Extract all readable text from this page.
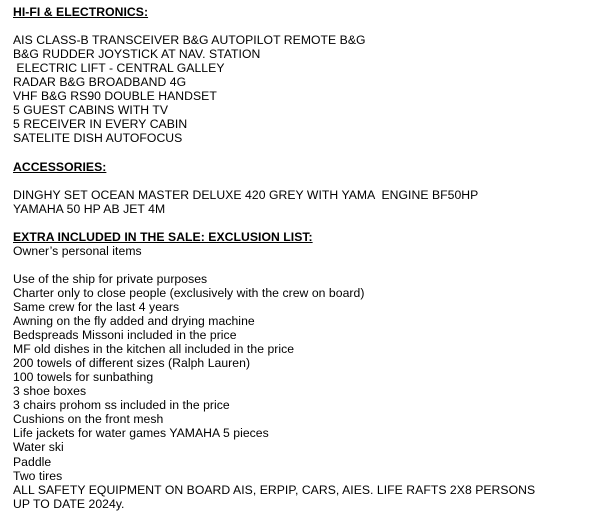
HI-FI & ELECTRONICS:
AIS CLASS-B TRANSCEIVER B&G AUTOPILOT REMOTE B&G
B&G RUDDER JOYSTICK AT NAV. STATION
ELECTRIC LIFT - CENTRAL GALLEY
RADAR B&G BROADBAND 4G
VHF B&G RS90 DOUBLE HANDSET
5 GUEST CABINS WITH TV
5 RECEIVER IN EVERY CABIN
SATELITE DISH AUTOFOCUS
ACCESSORIES:
DINGHY SET OCEAN MASTER DELUXE 420 GREY WITH YAMA  ENGINE BF50HP
YAMAHA 50 HP AB JET 4M
EXTRA INCLUDED IN THE SALE: EXCLUSION LIST:
Owner’s personal items
Use of the ship for private purposes
Charter only to close people (exclusively with the crew on board)
Same crew for the last 4 years
Awning on the fly added and drying machine
Bedspreads Missoni included in the price
MF old dishes in the kitchen all included in the price
200 towels of different sizes (Ralph Lauren)
100 towels for sunbathing
3 shoe boxes
3 chairs prohom ss included in the price
Cushions on the front mesh
Life jackets for water games YAMAHA 5 pieces
Water ski
Paddle
Two tires
ALL SAFETY EQUIPMENT ON BOARD AIS, ERPIP, CARS, AIES. LIFE RAFTS 2X8 PERSONS
UP TO DATE 2024y.
